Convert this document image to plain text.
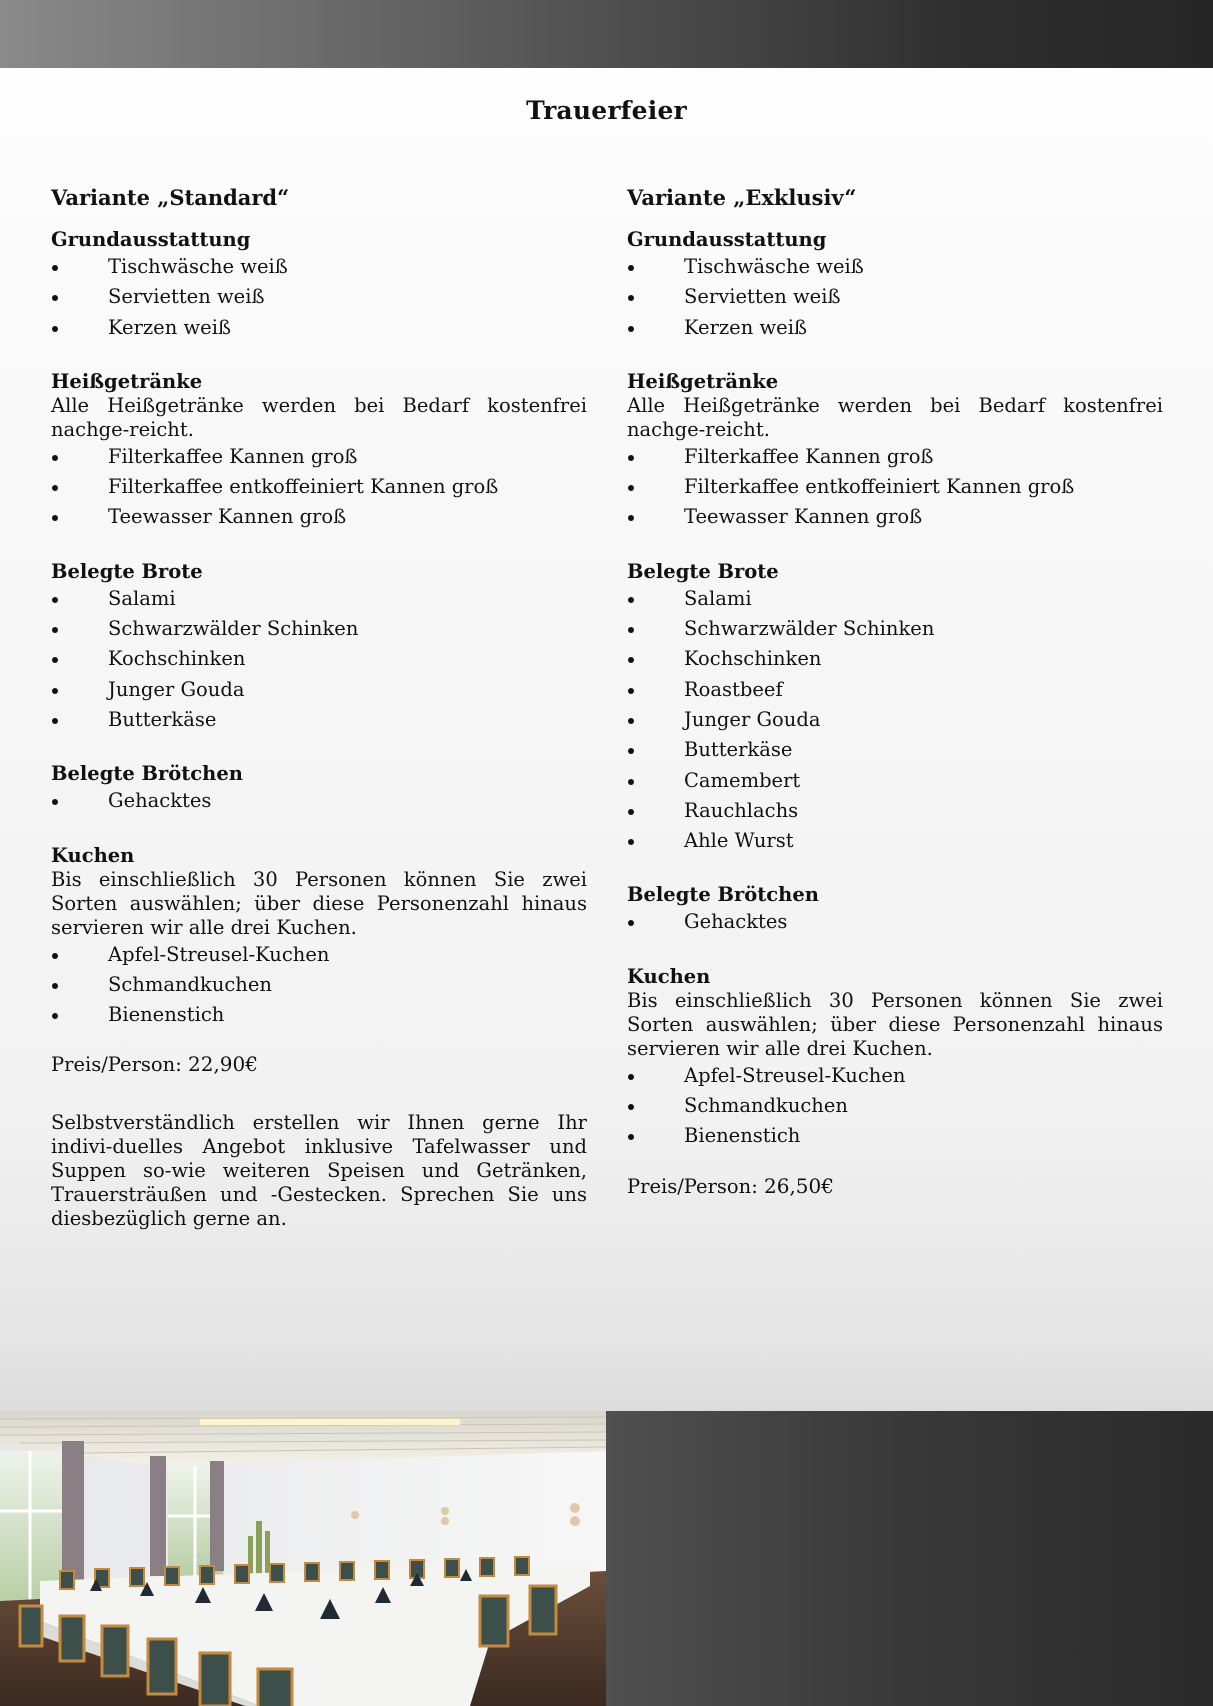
Trauerfeier
Variante „Standard“

Grundausstattung

Tischwäsche weiß
Servietten weiß
Kerzen weiß

Heißgetränke

Alle Heißgetränke werden bei Bedarf kostenfrei nachge-reicht.

Filterkaffee Kannen groß
Filterkaffee entkoffeiniert Kannen groß
Teewasser Kannen groß

Belegte Brote

Salami
Schwarzwälder Schinken
Kochschinken
Junger Gouda
Butterkäse

Belegte Brötchen

Gehacktes

Kuchen

Bis einschließlich 30 Personen können Sie zwei Sorten auswählen; über diese Personenzahl hinaus servieren wir alle drei Kuchen.

Apfel-Streusel-Kuchen
Schmandkuchen
Bienenstich

Preis/Person: 22,90€

Selbstverständlich erstellen wir Ihnen gerne Ihr indivi-duelles Angebot inklusive Tafelwasser und Suppen so-wie weiteren Speisen und Getränken, Trauersträußen und -Gestecken. Sprechen Sie uns diesbezüglich gerne an.

Variante „Exklusiv“

Grundausstattung

Tischwäsche weiß
Servietten weiß
Kerzen weiß

Heißgetränke

Alle Heißgetränke werden bei Bedarf kostenfrei nachge-reicht.

Filterkaffee Kannen groß
Filterkaffee entkoffeiniert Kannen groß
Teewasser Kannen groß

Belegte Brote

Salami
Schwarzwälder Schinken
Kochschinken
Roastbeef
Junger Gouda
Butterkäse
Camembert
Rauchlachs
Ahle Wurst

Belegte Brötchen

Gehacktes

Kuchen

Bis einschließlich 30 Personen können Sie zwei Sorten auswählen; über diese Personenzahl hinaus servieren wir alle drei Kuchen.

Apfel-Streusel-Kuchen
Schmandkuchen
Bienenstich

Preis/Person: 26,50€
